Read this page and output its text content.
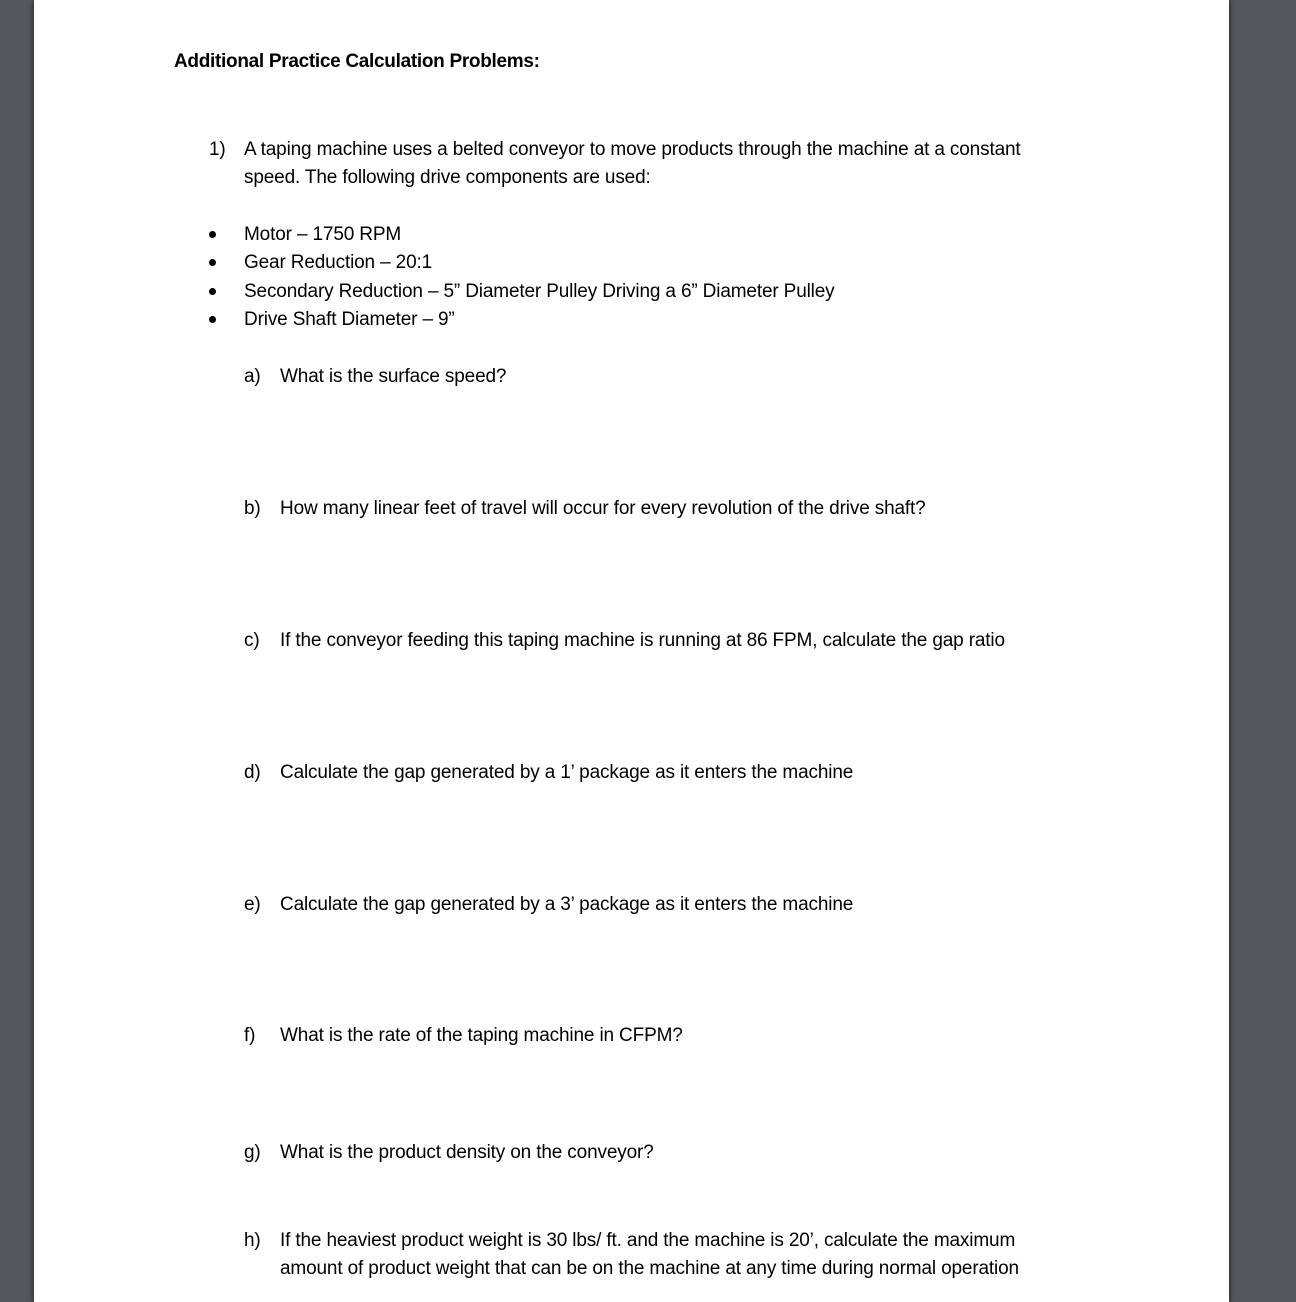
Additional Practice Calculation Problems:
1) A taping machine uses a belted conveyor to move products through the machine at a constant
speed. The following drive components are used:
Motor – 1750 RPM
Gear Reduction – 20:1
Secondary Reduction – 5” Diameter Pulley Driving a 6” Diameter Pulley
Drive Shaft Diameter – 9”
a) What is the surface speed?
b) How many linear feet of travel will occur for every revolution of the drive shaft?
c) If the conveyor feeding this taping machine is running at 86 FPM, calculate the gap ratio
d) Calculate the gap generated by a 1’ package as it enters the machine
e) Calculate the gap generated by a 3’ package as it enters the machine
f) What is the rate of the taping machine in CFPM?
g) What is the product density on the conveyor?
h) If the heaviest product weight is 30 lbs/ ft. and the machine is 20’, calculate the maximum
amount of product weight that can be on the machine at any time during normal operation
